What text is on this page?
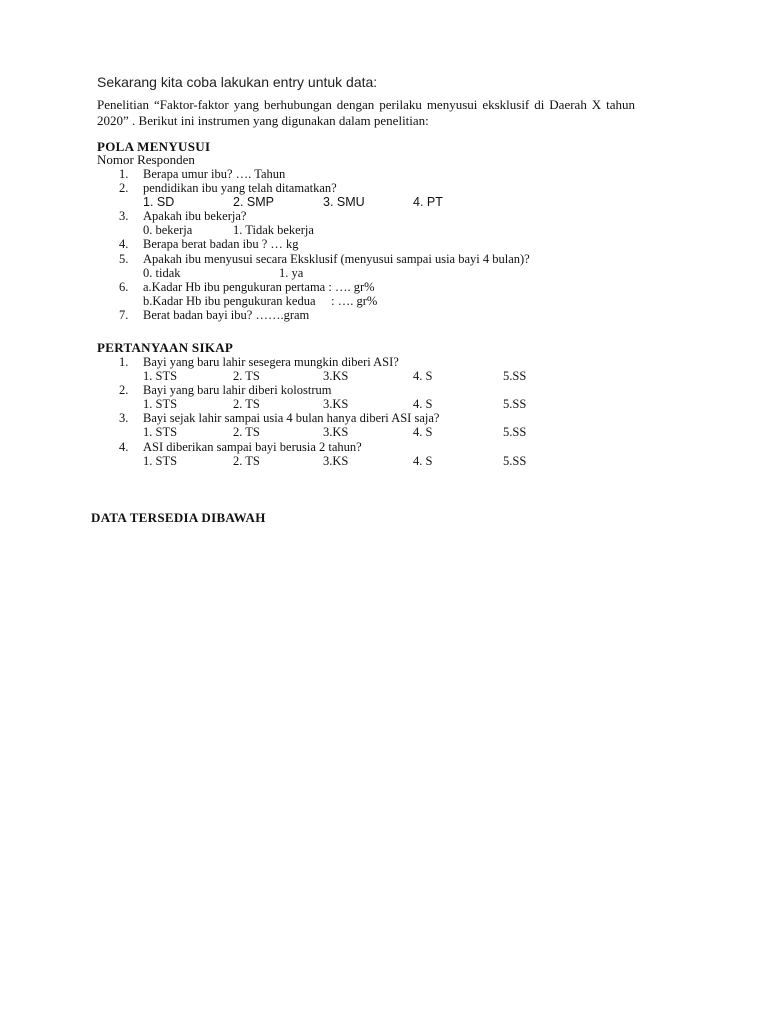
Sekarang kita coba lakukan entry untuk data:
Penelitian “Faktor-faktor yang berhubungan dengan perilaku menyusui eksklusif di Daerah X tahun 2020” . Berikut ini instrumen yang digunakan dalam penelitian:
POLA MENYUSUI
Nomor Responden
1. Berapa umur ibu? …. Tahun
2. pendidikan ibu yang telah ditamatkan?
1. SD	2. SMP	3. SMU	4. PT
3. Apakah ibu bekerja?
0. bekerja	1. Tidak bekerja
4. Berapa berat badan ibu ? … kg
5. Apakah ibu menyusui secara Eksklusif (menyusui sampai usia bayi 4 bulan)?
0. tidak	1. ya
6. a.Kadar Hb ibu pengukuran pertama : …. gr%
b.Kadar Hb ibu pengukuran kedua     : …. gr%
7. Berat badan bayi ibu? …….gram
PERTANYAAN SIKAP
1. Bayi yang baru lahir sesegera mungkin diberi ASI?
1. STS	2. TS	3.KS	4. S	5.SS
2. Bayi yang baru lahir diberi kolostrum
1. STS	2. TS	3.KS	4. S	5.SS
3. Bayi sejak lahir sampai usia 4 bulan hanya diberi ASI saja?
1. STS	2. TS	3.KS	4. S	5.SS
4. ASI diberikan sampai bayi berusia 2 tahun?
1. STS	2. TS	3.KS	4. S	5.SS
DATA TERSEDIA DIBAWAH
